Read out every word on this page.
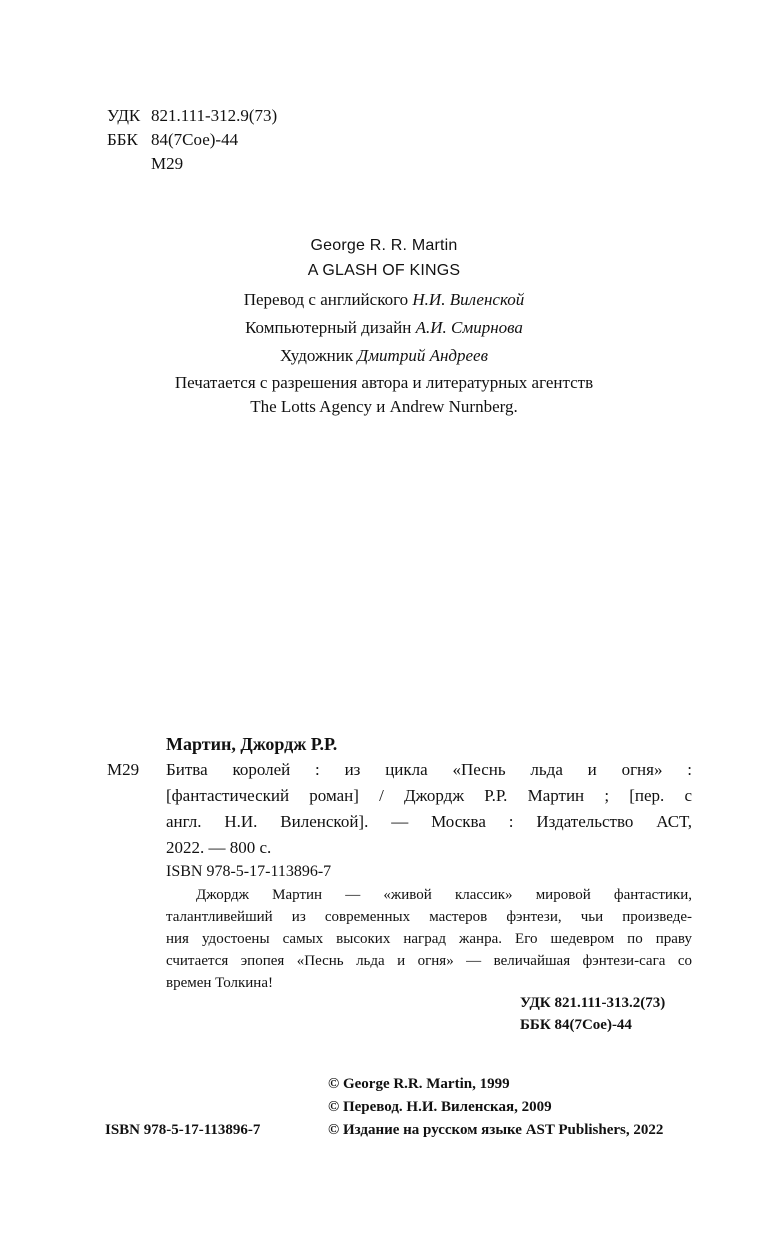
УДК 821.111-312.9(73)
ББК 84(7Сое)-44
М29
George R. R. Martin
A GLASH OF KINGS
Перевод с английского Н.И. Виленской
Компьютерный дизайн А.И. Смирнова
Художник Дмитрий Андреев
Печатается с разрешения автора и литературных агентств
The Lotts Agency и Andrew Nurnberg.
Мартин, Джордж Р.Р.
М29 Битва королей : из цикла «Песнь льда и огня» :
[фантастический роман] / Джордж Р.Р. Мартин ; [пер. с
англ. Н.И. Виленской]. — Москва : Издательство АСТ,
2022. — 800 с.
ISBN 978-5-17-113896-7
Джордж Мартин — «живой классик» мировой фантастики,
талантливейший из современных мастеров фэнтези, чьи произведе-
ния удостоены самых высоких наград жанра. Его шедевром по праву
считается эпопея «Песнь льда и огня» — величайшая фэнтези-сага со
времен Толкина!
УДК 821.111-313.2(73)
ББК 84(7Сое)-44
© George R.R. Martin, 1999
© Перевод. Н.И. Виленская, 2009
© Издание на русском языке AST Publishers, 2022
ISBN 978-5-17-113896-7
